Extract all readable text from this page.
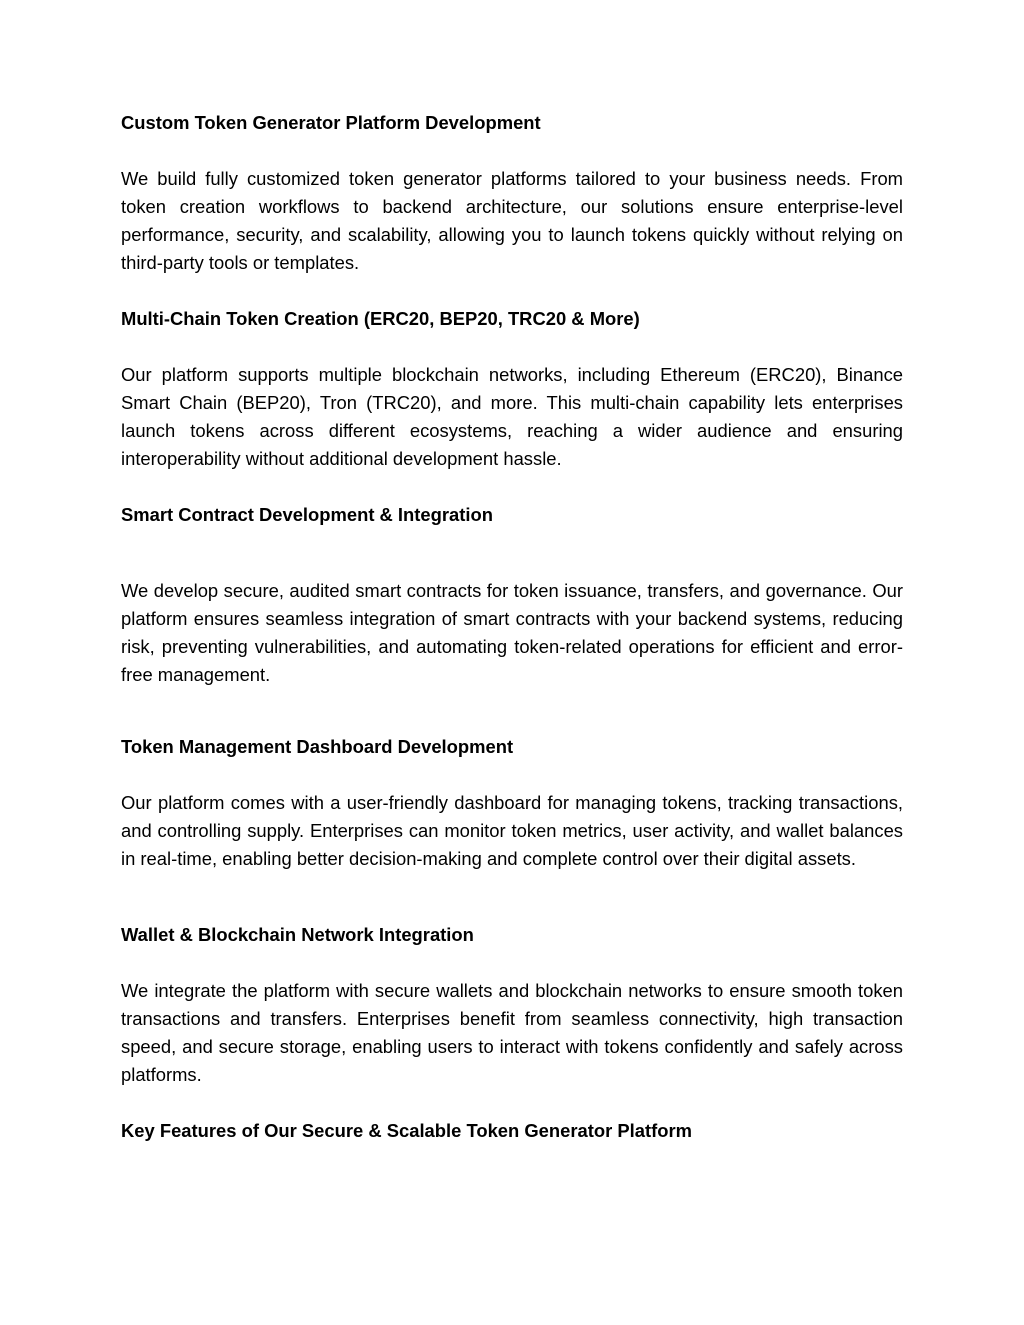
Custom Token Generator Platform Development

We build fully customized token generator platforms tailored to your business needs. From token creation workflows to backend architecture, our solutions ensure enterprise-level performance, security, and scalability, allowing you to launch tokens quickly without relying on third-party tools or templates.

Multi-Chain Token Creation (ERC20, BEP20, TRC20 & More)

Our platform supports multiple blockchain networks, including Ethereum (ERC20), Binance Smart Chain (BEP20), Tron (TRC20), and more. This multi-chain capability lets enterprises launch tokens across different ecosystems, reaching a wider audience and ensuring interoperability without additional development hassle.

Smart Contract Development & Integration

We develop secure, audited smart contracts for token issuance, transfers, and governance. Our platform ensures seamless integration of smart contracts with your backend systems, reducing risk, preventing vulnerabilities, and automating token-related operations for efficient and error-free management.

Token Management Dashboard Development

Our platform comes with a user-friendly dashboard for managing tokens, tracking transactions, and controlling supply. Enterprises can monitor token metrics, user activity, and wallet balances in real-time, enabling better decision-making and complete control over their digital assets.

Wallet & Blockchain Network Integration

We integrate the platform with secure wallets and blockchain networks to ensure smooth token transactions and transfers. Enterprises benefit from seamless connectivity, high transaction speed, and secure storage, enabling users to interact with tokens confidently and safely across platforms.

Key Features of Our Secure & Scalable Token Generator Platform
